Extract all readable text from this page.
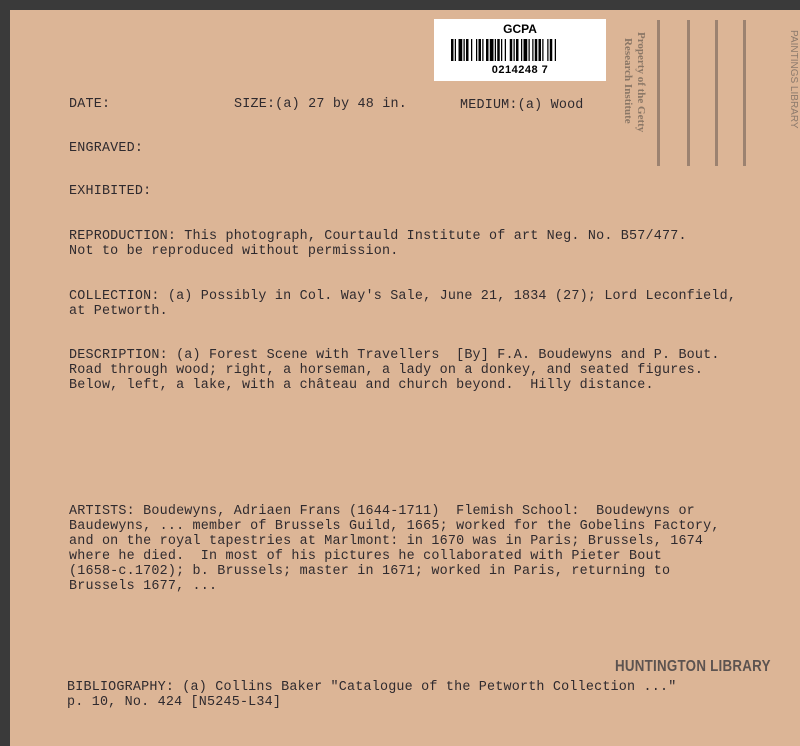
GCPA
0214248 7	Property of the Getty
Research Institute	PAINTINGS LIBRARY
DATE:	SIZE:(a) 27 by 48 in.	MEDIUM:(a) Wood
ENGRAVED:
EXHIBITED:
REPRODUCTION: This photograph, Courtauld Institute of art Neg. No. B57/477.
Not to be reproduced without permission.
COLLECTION: (a) Possibly in Col. Way's Sale, June 21, 1834 (27); Lord Leconfield,
at Petworth.
DESCRIPTION: (a) Forest Scene with Travellers  [By] F.A. Boudewyns and P. Bout.
Road through wood; right, a horseman, a lady on a donkey, and seated figures.
Below, left, a lake, with a château and church beyond.  Hilly distance.
ARTISTS: Boudewyns, Adriaen Frans (1644-1711)  Flemish School:  Boudewyns or
Baudewyns, ... member of Brussels Guild, 1665; worked for the Gobelins Factory,
and on the royal tapestries at Marlmont: in 1670 was in Paris; Brussels, 1674
where he died.  In most of his pictures he collaborated with Pieter Bout
(1658-c.1702); b. Brussels; master in 1671; worked in Paris, returning to
Brussels 1677, ...
HUNTINGTON LIBRARY
BIBLIOGRAPHY: (a) Collins Baker "Catalogue of the Petworth Collection ..."
p. 10, No. 424 [N5245-L34]
